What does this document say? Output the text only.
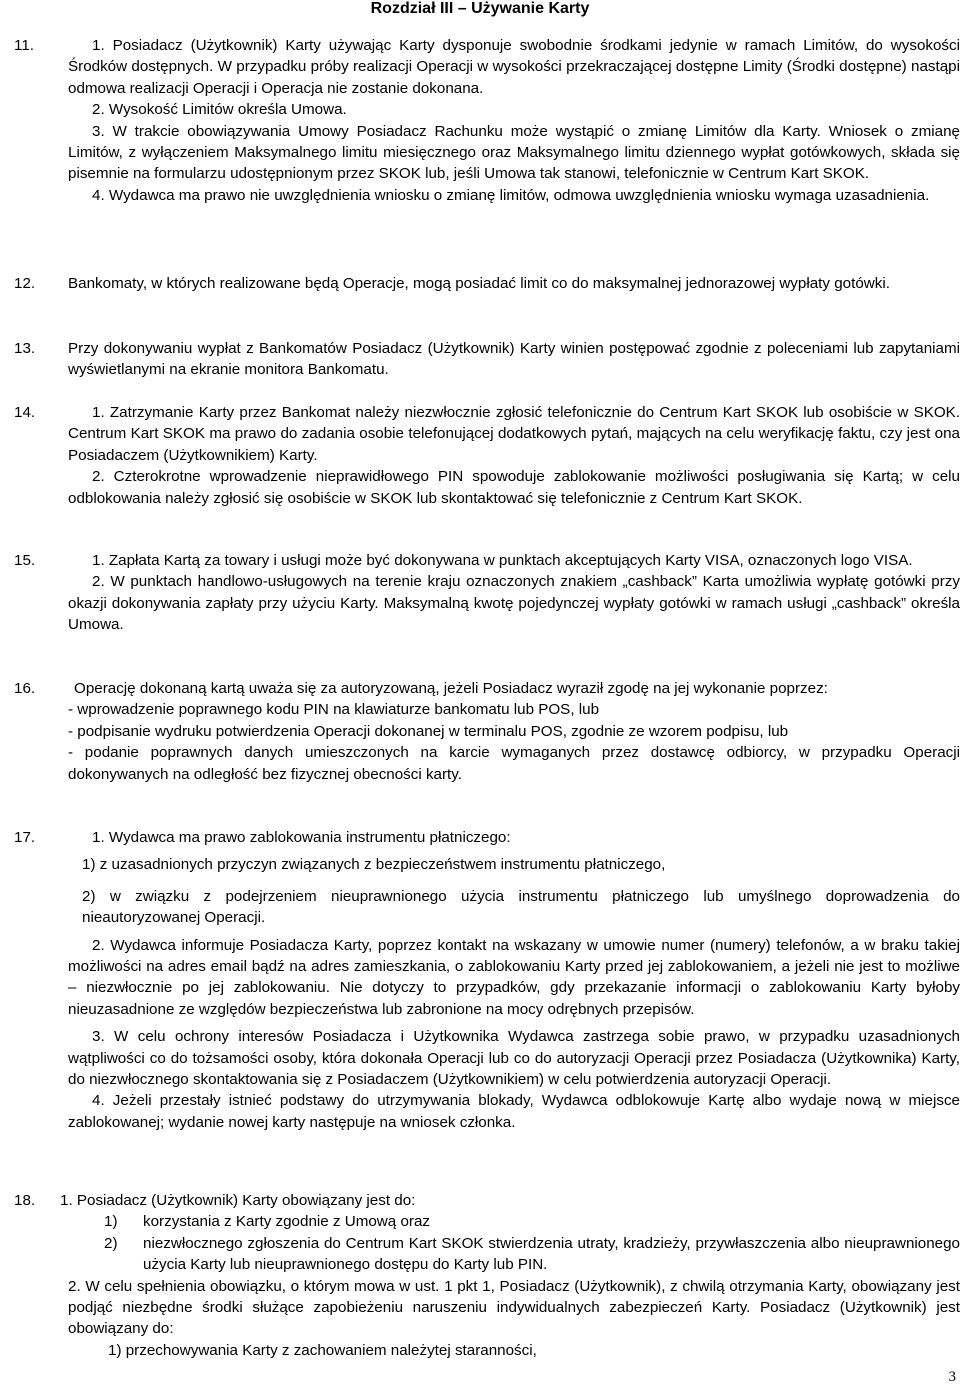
Rozdział III – Używanie Karty
11.	1. Posiadacz (Użytkownik) Karty używając Karty dysponuje swobodnie środkami jedynie w ramach Limitów, do wysokości Środków dostępnych. W przypadku próby realizacji Operacji w wysokości przekraczającej dostępne Limity (Środki dostępne) nastąpi odmowa realizacji Operacji i Operacja nie zostanie dokonana.

2. Wysokość Limitów określa Umowa.

3. W trakcie obowiązywania Umowy Posiadacz Rachunku może wystąpić o zmianę Limitów dla Karty. Wniosek o zmianę Limitów, z wyłączeniem Maksymalnego limitu miesięcznego oraz Maksymalnego limitu dziennego wypłat gotówkowych, składa się pisemnie na formularzu udostępnionym przez SKOK lub, jeśli Umowa tak stanowi, telefonicznie w Centrum Kart SKOK.

4. Wydawca ma prawo nie uwzględnienia wniosku o zmianę limitów, odmowa uwzględnienia wniosku wymaga uzasadnienia.

12. Bankomaty, w których realizowane będą Operacje, mogą posiadać limit co do maksymalnej jednorazowej wypłaty gotówki.

13. Przy dokonywaniu wypłat z Bankomatów Posiadacz (Użytkownik) Karty winien postępować zgodnie z poleceniami lub zapytaniami wyświetlanymi na ekranie monitora Bankomatu.

14.	1. Zatrzymanie Karty przez Bankomat należy niezwłocznie zgłosić telefonicznie do Centrum Kart SKOK lub osobiście w SKOK. Centrum Kart SKOK ma prawo do zadania osobie telefonującej dodatkowych pytań, mających na celu weryfikację faktu, czy jest ona Posiadaczem (Użytkownikiem) Karty.

2. Czterokrotne wprowadzenie nieprawidłowego PIN spowoduje zablokowanie możliwości posługiwania się Kartą; w celu odblokowania należy zgłosić się osobiście w SKOK lub skontaktować się telefonicznie z Centrum Kart SKOK.

15.	1. Zapłata Kartą za towary i usługi może być dokonywana w punktach akceptujących Karty VISA, oznaczonych logo VISA.

2. W punktach handlowo-usługowych na terenie kraju oznaczonych znakiem „cashback” Karta umożliwia wypłatę gotówki przy okazji dokonywania zapłaty przy użyciu Karty. Maksymalną kwotę pojedynczej wypłaty gotówki w ramach usługi „cashback” określa Umowa.

16.	Operację dokonaną kartą uważa się za autoryzowaną, jeżeli Posiadacz wyraził zgodę na jej wykonanie poprzez:

- wprowadzenie poprawnego kodu PIN na klawiaturze bankomatu lub POS, lub

- podpisanie wydruku potwierdzenia Operacji dokonanej w terminalu POS, zgodnie ze wzorem podpisu, lub

- podanie poprawnych danych umieszczonych na karcie wymaganych przez dostawcę odbiorcy, w przypadku Operacji dokonywanych na odległość bez fizycznej obecności karty.

17.	1. Wydawca ma prawo zablokowania instrumentu płatniczego:

1) z uzasadnionych przyczyn związanych z bezpieczeństwem instrumentu płatniczego,

2) w związku z podejrzeniem nieuprawnionego użycia instrumentu płatniczego lub umyślnego doprowadzenia do nieautoryzowanej Operacji.

2. Wydawca informuje Posiadacza Karty, poprzez kontakt na wskazany w umowie numer (numery) telefonów, a w braku takiej możliwości na adres email bądź na adres zamieszkania, o zablokowaniu Karty przed jej zablokowaniem, a jeżeli nie jest to możliwe – niezwłocznie po jej zablokowaniu. Nie dotyczy to przypadków, gdy przekazanie informacji o zablokowaniu Karty byłoby nieuzasadnione ze względów bezpieczeństwa lub zabronione na mocy odrębnych przepisów.

3. W celu ochrony interesów Posiadacza i Użytkownika Wydawca zastrzega sobie prawo, w przypadku uzasadnionych wątpliwości co do tożsamości osoby, która dokonała Operacji lub co do autoryzacji Operacji przez Posiadacza (Użytkownika) Karty, do niezwłocznego skontaktowania się z Posiadaczem (Użytkownikiem) w celu potwierdzenia autoryzacji Operacji.

4. Jeżeli przestały istnieć podstawy do utrzymywania blokady, Wydawca odblokowuje Kartę albo wydaje nową w miejsce zablokowanej; wydanie nowej karty następuje na wniosek członka.

18. 1. Posiadacz (Użytkownik) Karty obowiązany jest do:

1) korzystania z Karty zgodnie z Umową oraz

2) niezwłocznego zgłoszenia do Centrum Kart SKOK stwierdzenia utraty, kradzieży, przywłaszczenia albo nieuprawnionego użycia Karty lub nieuprawnionego dostępu do Karty lub PIN.

2. W celu spełnienia obowiązku, o którym mowa w ust. 1 pkt 1, Posiadacz (Użytkownik), z chwilą otrzymania Karty, obowiązany jest podjąć niezbędne środki służące zapobieżeniu naruszeniu indywidualnych zabezpieczeń Karty. Posiadacz (Użytkownik) jest obowiązany do:

1) przechowywania Karty z zachowaniem należytej staranności,

3
